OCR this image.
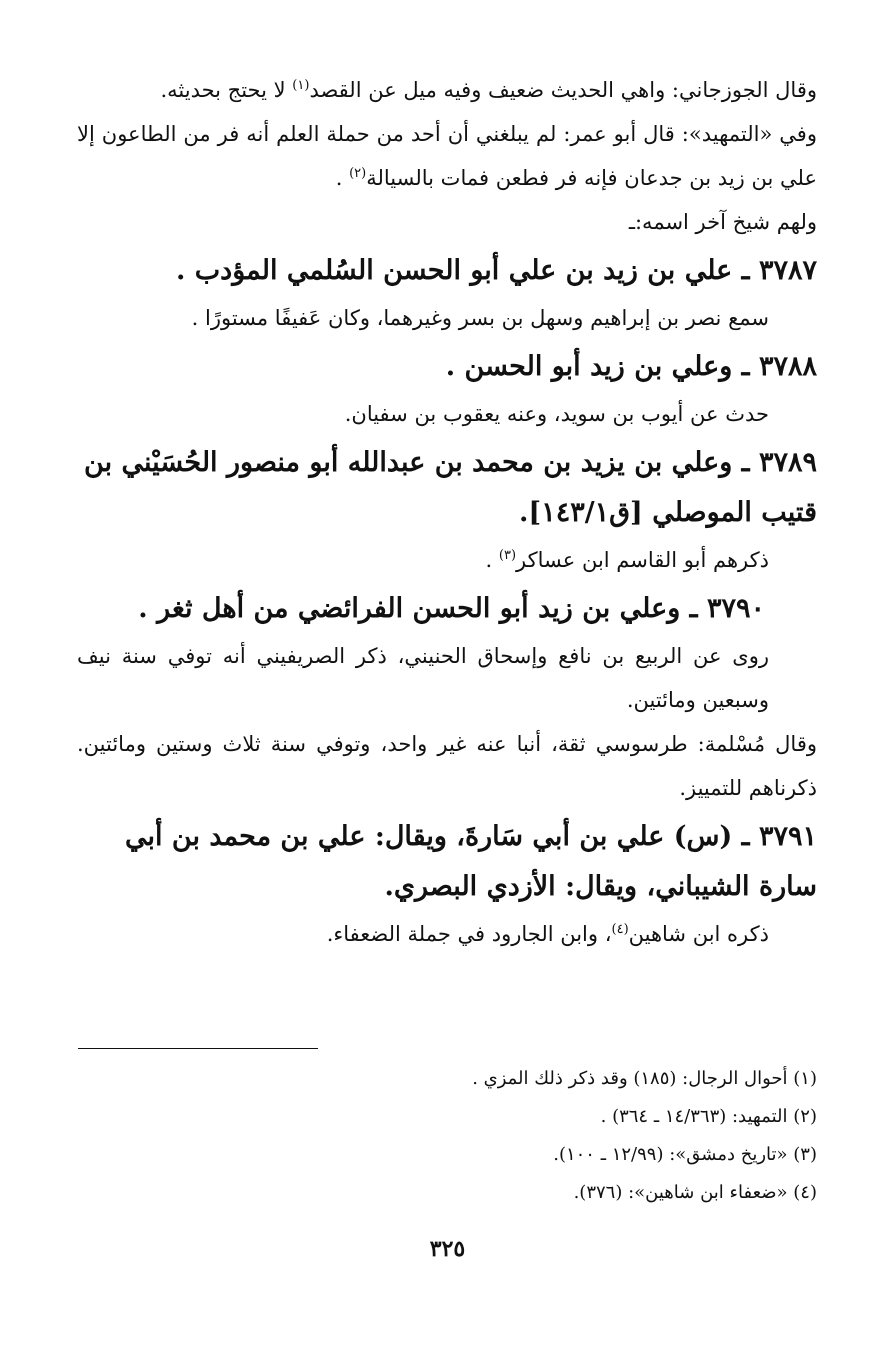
وقال الجوزجاني: واهي الحديث ضعيف وفيه ميل عن القصد$^{(١)}$ لا يحتج بحديثه.

وفي «التمهيد»: قال أبو عمر: لم يبلغني أن أحد من حملة العلم أنه فر من الطاعون إلا علي بن زيد بن جدعان فإنه فر فطعن فمات بالسيالة$^{(٢)}$ .

ولهم شيخ آخر اسمه:ـ

٣٧٨٧ ـ علي بن زيد بن علي أبو الحسن السُلمي المؤدب .

سمع نصر بن إبراهيم وسهل بن بسر وغيرهما، وكان عَفيفًا مستورًا .

٣٧٨٨ ـ وعلي بن زيد أبو الحسن .

حدث عن أيوب بن سويد، وعنه يعقوب بن سفيان.

٣٧٨٩ ـ وعلي بن يزيد بن محمد بن عبدالله أبو منصور الحُسَيْني بن قتيب الموصلي [ق١٤٣/١].

ذكرهم أبو القاسم ابن عساكر$^{(٣)}$ .

٣٧٩٠ ـ وعلي بن زيد أبو الحسن الفرائضي من أهل ثغر .

روى عن الربيع بن نافع وإسحاق الحنيني، ذكر الصريفيني أنه توفي سنة نيف وسبعين ومائتين.

وقال مُسْلمة: طرسوسي ثقة، أنبا عنه غير واحد، وتوفي سنة ثلاث وستين ومائتين. ذكرناهم للتمييز.

٣٧٩١ ـ (س) علي بن أبي سَارةَ، ويقال: علي بن محمد بن أبي سارة الشيباني، ويقال: الأزدي البصري.

ذكره ابن شاهين$^{(٤)}$، وابن الجارود في جملة الضعفاء.

(١) أحوال الرجال: (١٨٥) وقد ذكر ذلك المزي .

(٢) التمهيد: (١٤/٣٦٣ ـ ٣٦٤) .

(٣) «تاريخ دمشق»: (١٢/٩٩ ـ ١٠٠).

(٤) «ضعفاء ابن شاهين»: (٣٧٦).

٣٢٥
